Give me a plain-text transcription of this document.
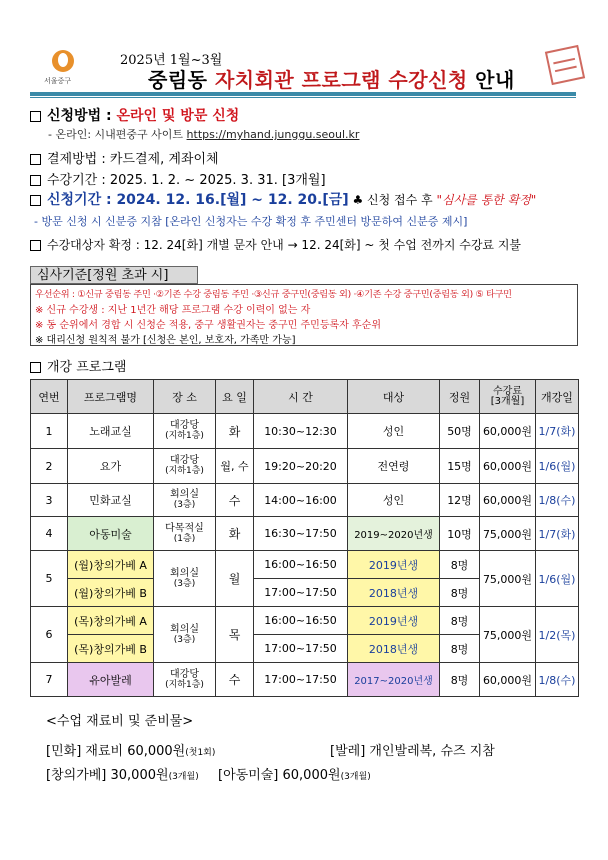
서울중구
2025년 1월~3월
중림동 자치회관 프로그램 수강신청 안내
신청방법 : 온라인 및 방문 신청
- 온라인: 시내편중구 사이트 https://myhand.junggu.seoul.kr
결제방법 : 카드결제, 계좌이체
수강기간 : 2025. 1. 2. ~ 2025. 3. 31. [3개월]
신청기간 : 2024. 12. 16.[월] ~ 12. 20.[금] ♣ 신청 접수 후 "심사를 통한 확정"
- 방문 신청 시 신분증 지참 [온라인 신청자는 수강 확정 후 주민센터 방문하여 신분증 제시]
수강대상자 확정 : 12. 24[화] 개별 문자 안내 → 12. 24[화] ~ 첫 수업 전까지 수강료 지불
심사기준[정원 초과 시]
우선순위 : ①신규 중림동 주민 ·②기존 수강 중림동 주민 ·③신규 중구민(중림동 외) ·④기존 수강 중구민(중림동 외) ⑤ 타구민
※ 신규 수강생 : 지난 1년간 해당 프로그램 수강 이력이 없는 자
※ 동 순위에서 경합 시 신청순 적용, 중구 생활권자는 중구민 주민등록자 후순위
※ 대리신청 원칙적 불가 [신청은 본인, 보호자, 가족만 가능]
개강 프로그램
연번	프로그램명	장 소	요 일	시 간	대상	정원	수강료
[3개월]	개강일
1	노래교실	대강당
(지하1층)	화	10:30~12:30	성인	50명	60,000원	1/7(화)
2	요가	대강당
(지하1층)	월, 수	19:20~20:20	전연령	15명	60,000원	1/6(월)
3	민화교실	회의실
(3층)	수	14:00~16:00	성인	12명	60,000원	1/8(수)
4	아동미술	다목적실
(1층)	화	16:30~17:50	2019~2020년생	10명	75,000원	1/7(화)
5	(월)창의가베 A	회의실
(3층)	월	16:00~16:50	2019년생	8명	75,000원	1/6(월)
	(월)창의가베 B			17:00~17:50	2018년생	8명		
6	(목)창의가베 A	회의실
(3층)	목	16:00~16:50	2019년생	8명	75,000원	1/2(목)
	(목)창의가베 B			17:00~17:50	2018년생	8명		
7	유아발레	대강당
(지하1층)	수	17:00~17:50	2017~2020년생	8명	60,000원	1/8(수)
<수업 재료비 및 준비물>
[민화] 재료비 60,000원(첫1회)	[발레] 개인발레복, 슈즈 지참
[창의가베] 30,000원(3개월) [아동미술] 60,000원(3개월)
